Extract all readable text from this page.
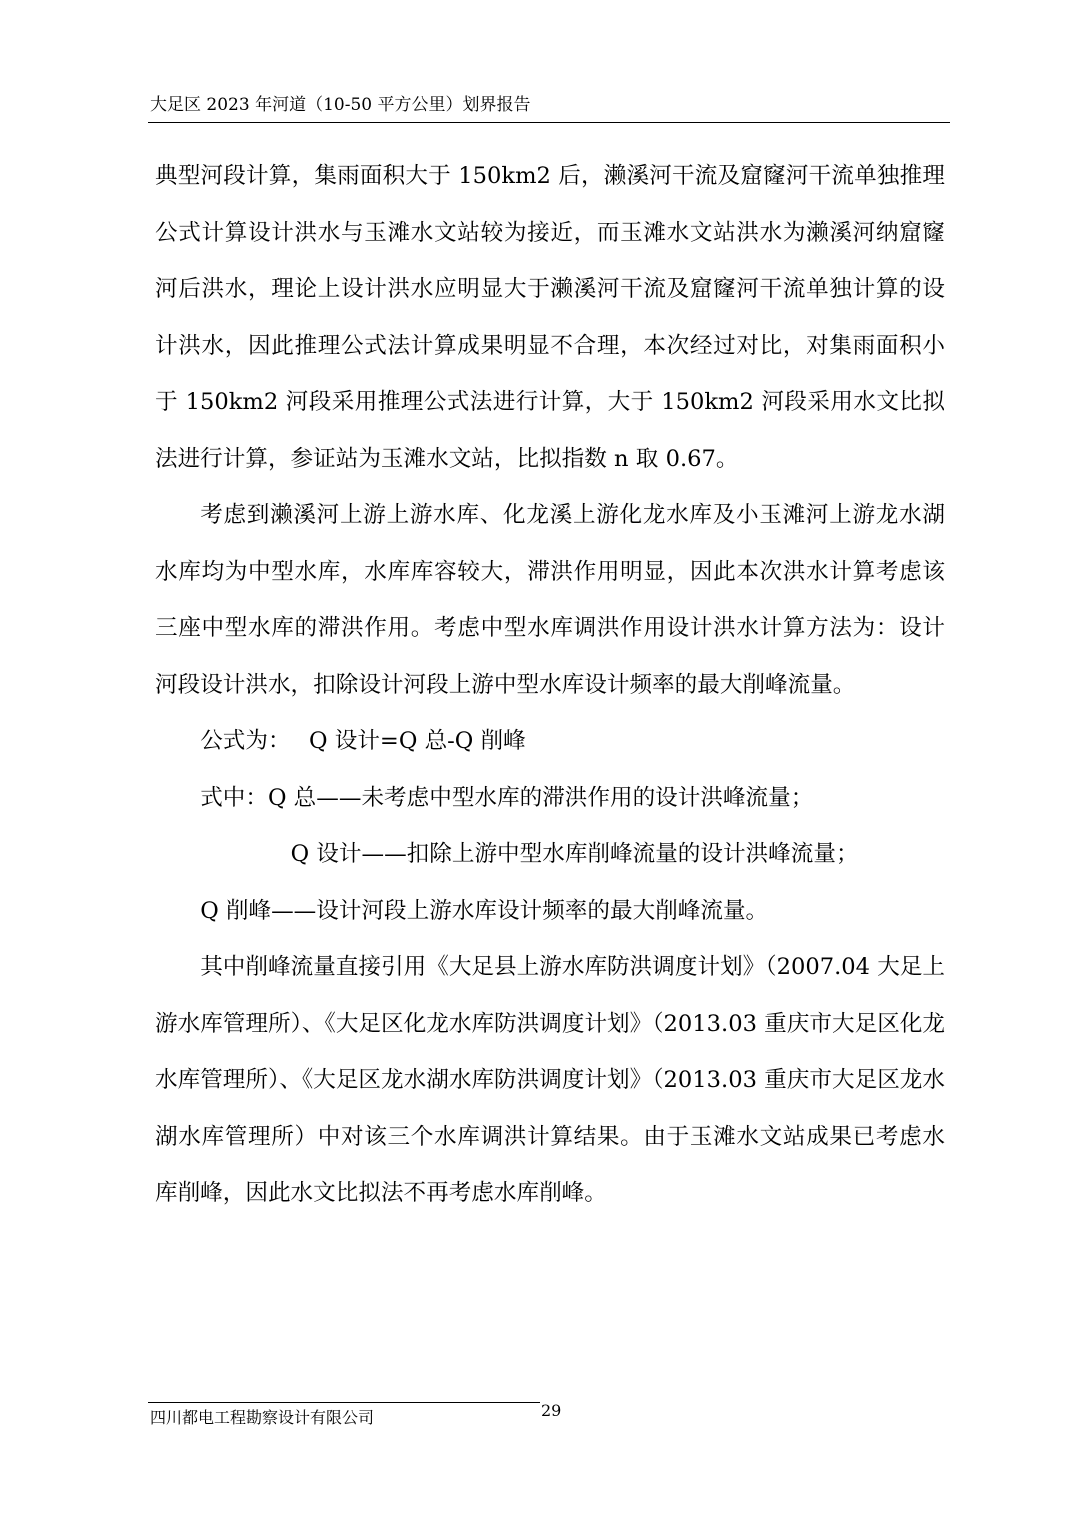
大足区 2023 年河道（10-50 平方公里）划界报告

典型河段计算，集雨面积大于 150km2 后，濑溪河干流及窟窿河干流单独推理公式计算设计洪水与玉滩水文站较为接近，而玉滩水文站洪水为濑溪河纳窟窿河后洪水，理论上设计洪水应明显大于濑溪河干流及窟窿河干流单独计算的设计洪水，因此推理公式法计算成果明显不合理，本次经过对比，对集雨面积小于 150km2 河段采用推理公式法进行计算，大于 150km2 河段采用水文比拟法进行计算，参证站为玉滩水文站，比拟指数 n 取 0.67。

考虑到濑溪河上游上游水库、化龙溪上游化龙水库及小玉滩河上游龙水湖水库均为中型水库，水库库容较大，滞洪作用明显，因此本次洪水计算考虑该三座中型水库的滞洪作用。考虑中型水库调洪作用设计洪水计算方法为：设计河段设计洪水，扣除设计河段上游中型水库设计频率的最大削峰流量。

公式为：　 Q 设计=Q 总-Q 削峰

式中：Q 总——未考虑中型水库的滞洪作用的设计洪峰流量；

Q 设计——扣除上游中型水库削峰流量的设计洪峰流量；

Q 削峰——设计河段上游水库设计频率的最大削峰流量。

其中削峰流量直接引用《大足县上游水库防洪调度计划》（2007.04 大足上游水库管理所）、《大足区化龙水库防洪调度计划》（2013.03 重庆市大足区化龙水库管理所）、《大足区龙水湖水库防洪调度计划》（2013.03 重庆市大足区龙水湖水库管理所）中对该三个水库调洪计算结果。由于玉滩水文站成果已考虑水库削峰，因此水文比拟法不再考虑水库削峰。

四川都电工程勘察设计有限公司	29
